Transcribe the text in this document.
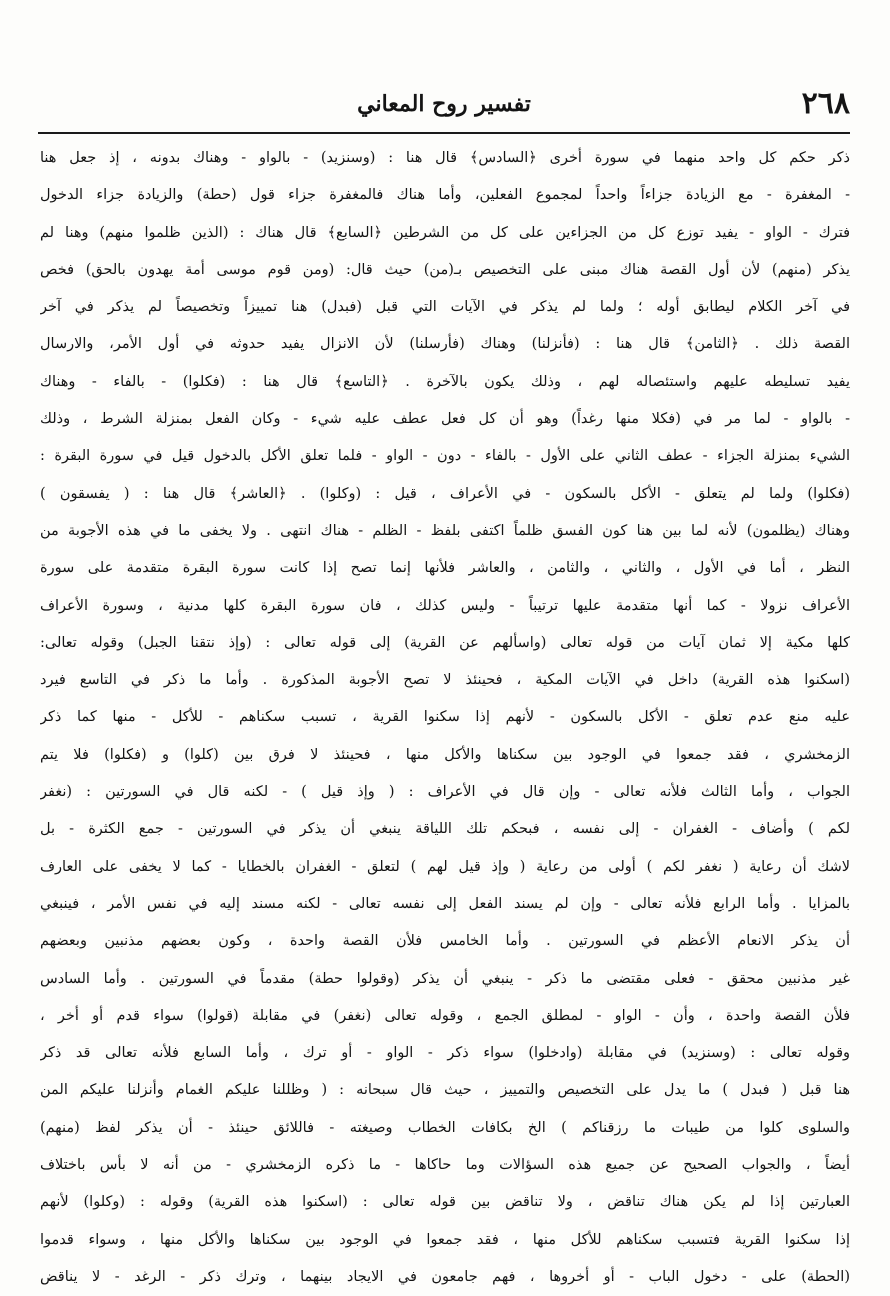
٢٦٨
تفسير روح المعاني
ذكر حكم كل واحد منهما في سورة أخرى ﴿السادس﴾ قال هنا : (وسنزيد) - بالواو - وهناك بدونه ، إذ جعل هنا
- المغفرة - مع الزيادة جزاءاً واحداً لمجموع الفعلين، وأما هناك فالمغفرة جزاء قول (حطة) والزيادة جزاء الدخول
فترك - الواو - يفيد توزع كل من الجزاءين على كل من الشرطين ﴿السابع﴾ قال هناك : (الذين ظلموا منهم) وهنا لم
يذكر (منهم) لأن أول القصة هناك مبنى على التخصيص بـ(من) حيث قال: (ومن قوم موسى أمة يهدون بالحق) فخص
في آخر الكلام ليطابق أوله ؛ ولما لم يذكر في الآيات التي قبل (فبدل) هنا تمييزاً وتخصيصاً لم يذكر في آخر
القصة ذلك . ﴿الثامن﴾ قال هنا : (فأنزلنا) وهناك (فأرسلنا) لأن الانزال يفيد حدوثه في أول الأمر، والارسال
يفيد تسليطه عليهم واستئصاله لهم ، وذلك يكون بالآخرة . ﴿التاسع﴾ قال هنا : (فكلوا) - بالفاء - وهناك
- بالواو - لما مر في (فكلا منها رغداً) وهو أن كل فعل عطف عليه شيء - وكان الفعل بمنزلة الشرط ، وذلك
الشيء بمنزلة الجزاء - عطف الثاني على الأول - بالفاء - دون - الواو - فلما تعلق الأكل بالدخول قيل في سورة البقرة :
(فكلوا) ولما لم يتعلق - الأكل بالسكون - في الأعراف ، قيل : (وكلوا) . ﴿العاشر﴾ قال هنا : ( يفسقون )
وهناك (يظلمون) لأنه لما بين هنا كون الفسق ظلماً اكتفى بلفظ - الظلم - هناك انتهى . ولا يخفى ما في هذه الأجوبة من
النظر ، أما في الأول ، والثاني ، والثامن ، والعاشر فلأنها إنما تصح إذا كانت سورة البقرة متقدمة على سورة
الأعراف نزولا - كما أنها متقدمة عليها ترتيباً - وليس كذلك ، فان سورة البقرة كلها مدنية ، وسورة الأعراف
كلها مكية إلا ثمان آيات من قوله تعالى (واسألهم عن القرية) إلى قوله تعالى : (وإذ نتقنا الجبل) وقوله تعالى:
(اسكنوا هذه القرية) داخل في الآيات المكية ، فحينئذ لا تصح الأجوبة المذكورة . وأما ما ذكر في التاسع فيرد
عليه منع عدم تعلق - الأكل بالسكون - لأنهم إذا سكنوا القرية ، تسبب سكناهم - للأكل - منها كما ذكر
الزمخشري ، فقد جمعوا في الوجود بين سكناها والأكل منها ، فحينئذ لا فرق بين (كلوا) و (فكلوا) فلا يتم
الجواب ، وأما الثالث فلأنه تعالى - وإن قال في الأعراف : ( وإذ قيل ) - لكنه قال في السورتين : (نغفر
لكم ) وأضاف - الغفران - إلى نفسه ، فبحكم تلك اللياقة ينبغي أن يذكر في السورتين - جمع الكثرة - بل
لاشك أن رعاية ( نغفر لكم ) أولى من رعاية ( وإذ قيل لهم ) لتعلق - الغفران بالخطايا - كما لا يخفى على العارف
بالمزايا . وأما الرابع فلأنه تعالى - وإن لم يسند الفعل إلى نفسه تعالى - لكنه مسند إليه في نفس الأمر ، فينبغي
أن يذكر الانعام الأعظم في السورتين . وأما الخامس فلأن القصة واحدة ، وكون بعضهم مذنبين وبعضهم
غير مذنبين محقق - فعلى مقتضى ما ذكر - ينبغي أن يذكر (وقولوا حطة) مقدماً في السورتين . وأما السادس
فلأن القصة واحدة ، وأن - الواو - لمطلق الجمع ، وقوله تعالى (نغفر) في مقابلة (قولوا) سواء قدم أو أخر ،
وقوله تعالى : (وسنزيد) في مقابلة (وادخلوا) سواء ذكر - الواو - أو ترك ، وأما السابع فلأنه تعالى قد ذكر
هنا قبل ( فبدل ) ما يدل على التخصيص والتمييز ، حيث قال سبحانه : ( وظللنا عليكم الغمام وأنزلنا عليكم المن
والسلوى كلوا من طيبات ما رزقناكم ) الخ بكافات الخطاب وصيغته - فاللائق حينئذ - أن يذكر لفظ (منهم)
أيضاً ، والجواب الصحيح عن جميع هذه السؤالات وما حاكاها - ما ذكره الزمخشري - من أنه لا بأس باختلاف
العبارتين إذا لم يكن هناك تناقض ، ولا تناقض بين قوله تعالى : (اسكنوا هذه القرية) وقوله : (وكلوا) لأنهم
إذا سكنوا القرية فتسبب سكناهم للأكل منها ، فقد جمعوا في الوجود بين سكناها والأكل منها ، وسواء قدموا
(الحطة) على - دخول الباب - أو أخروها ، فهم جامعون في الايجاد بينهما ، وترك ذكر - الرغد - لا يناقض
